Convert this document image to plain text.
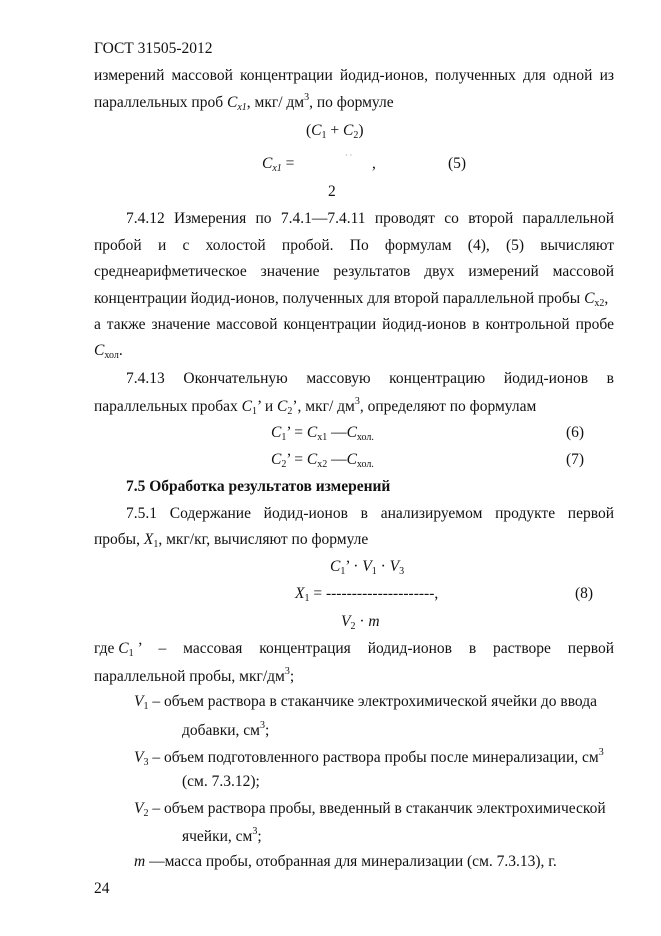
ГОСТ 31505-2012
измерений массовой концентрации йодид-ионов, полученных для одной из
параллельных проб $C_{x1}$, мкг/ $дм^3$, по формуле
$(C_1 + C_2)$
$C_{x1}$ =	· · ,	(5)
2
7.4.12 Измерения по 7.4.1—7.4.11 проводят со второй параллельной
пробой и с холостой пробой. По формулам (4), (5) вычисляют
среднеарифметическое значение результатов двух измерений массовой
концентрации йодид-ионов, полученных для второй параллельной пробы $C_{x2}$,
а также значение массовой концентрации йодид-ионов в контрольной пробе
$C_{хол}$.
7.4.13 Окончательную массовую концентрацию йодид-ионов в
параллельных пробах $C_1$’ и $C_2$’, мкг/ $дм^3$, определяют по формулам
$C_1$’ = $C_{x1}$ $—C_{хол.}$	(6)
$C_2$’ = $C_{x2}$ $—C_{хол.}$	(7)
7.5 Обработка результатов измерений
7.5.1 Содержание йодид-ионов в анализируемом продукте первой
пробы, $X_1$, мкг/кг, вычисляют по формуле
$C_1$’ · $V_1 \cdot V_3$
$X_1$ = ---------------------,	(8)
$V_2 \cdot m$
где $C_1$ ’ – массовая концентрация йодид-ионов в растворе первой
параллельной пробы, мкг/$дм^3$;
$V_1$ – объем раствора в стаканчике электрохимической ячейки до ввода
добавки, $см^3$;
$V_3$ – объем подготовленного раствора пробы после минерализации, $см^3$
(см. 7.3.12);
$V_2$ – объем раствора пробы, введенный в стаканчик электрохимической
ячейки, $см^3$;
m —масса пробы, отобранная для минерализации (см. 7.3.13), г.
24
